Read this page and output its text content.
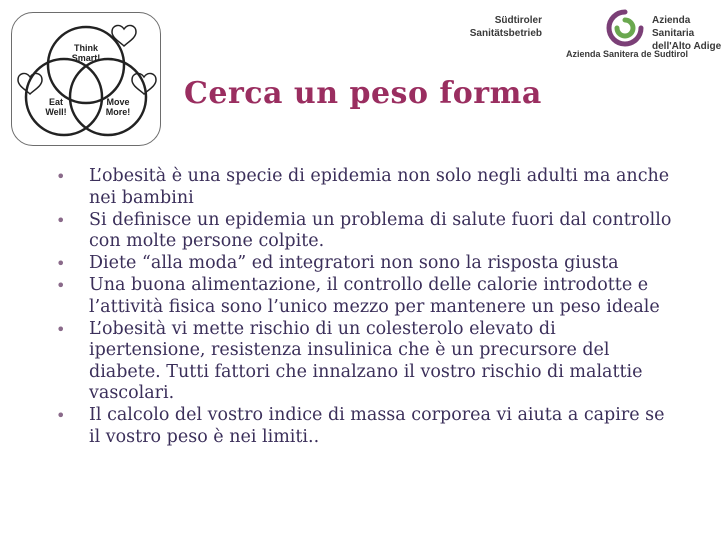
Think
Smart!
Eat
Well!
Move
More!
Südtiroler
Sanitätsbetrieb
Azienda Sanitaria
dell'Alto Adige
Azienda Sanitera de Sudtirol
Cerca un peso forma
• L’obesità è una specie di epidemia non solo negli adulti ma anche nei bambini
• Si definisce un epidemia un problema di salute fuori dal controllo con molte persone colpite.
• Diete “alla moda” ed integratori non sono la risposta giusta
• Una buona alimentazione, il controllo delle calorie introdotte e l’attività fisica sono l’unico mezzo per mantenere un peso ideale
• L’obesità vi mette rischio di un colesterolo elevato di ipertensione, resistenza insulinica che è un precursore del diabete. Tutti fattori che innalzano il vostro rischio di malattie vascolari.
• Il calcolo del vostro indice di massa corporea vi aiuta a capire se il vostro peso è nei limiti..
